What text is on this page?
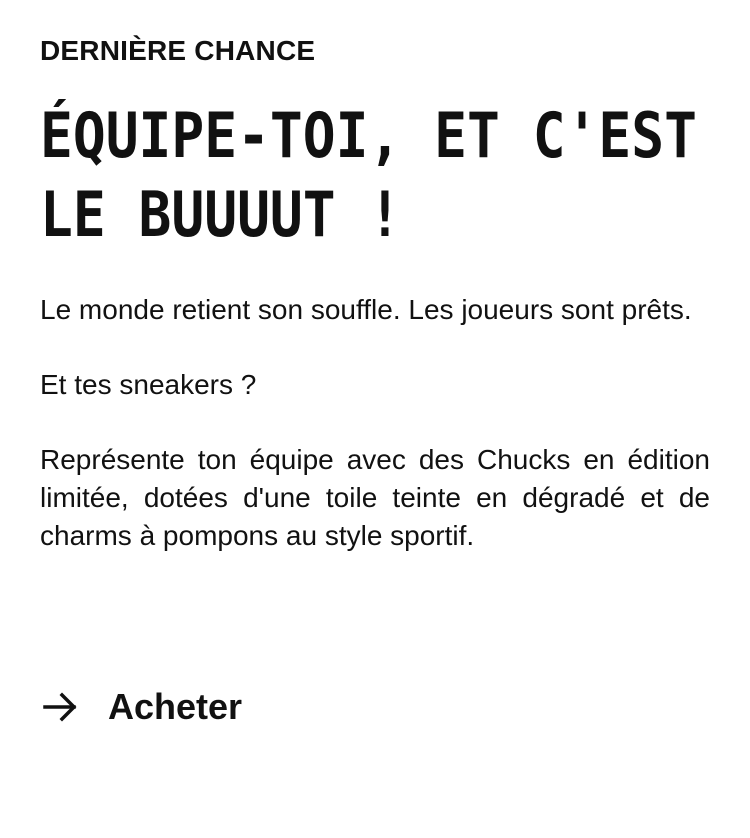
DERNIÈRE CHANCE
ÉQUIPE-TOI, ET C'EST
LE BUUUUT !

Le monde retient son souffle. Les joueurs sont prêts.

Et tes sneakers ?

Représente ton équipe avec des Chucks en édition limitée, dotées d'une toile teinte en dégradé et de charms à pompons au style sportif.

Acheter
